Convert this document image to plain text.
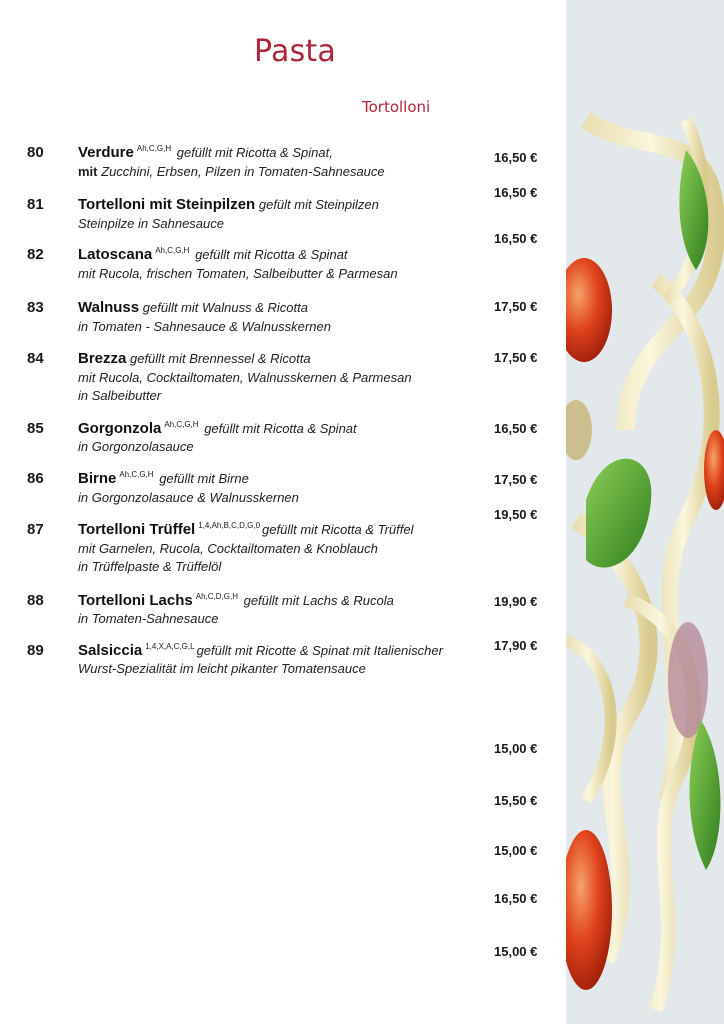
Pasta
Tortolloni
80 Verdure $^{Ah,C,G,H}$ gefüllt mit Ricotta & Spinat,
mit Zucchini, Erbsen, Pilzen in Tomaten-Sahnesauce
81 Tortelloni mit Steinpilzen gefült mit Steinpilzen
Steinpilze in Sahnesauce
82 Latoscana $^{Ah,C,G,H}$ gefüllt mit Ricotta & Spinat
mit Rucola, frischen Tomaten, Salbeibutter & Parmesan
83 Walnuss gefüllt mit Walnuss & Ricotta
in Tomaten - Sahnesauce & Walnusskernen
84 Brezza gefüllt mit Brennessel & Ricotta
mit Rucola, Cocktailtomaten, Walnusskernen & Parmesan
in Salbeibutter
85 Gorgonzola $^{Ah,C,G,H}$ gefüllt mit Ricotta & Spinat
in Gorgonzolasauce
86 Birne $^{Ah,C,G,H}$ gefüllt mit Birne
in Gorgonzolasauce & Walnusskernen
87 Tortelloni Trüffel $^{1,4,Ah,B,C,D,G,0}$ gefüllt mit Ricotta & Trüffel
mit Garnelen, Rucola, Cocktailtomaten & Knoblauch
in Trüffelpaste & Trüffelöl
88 Tortelloni Lachs $^{Ah,C,D,G,H}$ gefüllt mit Lachs & Rucola
in Tomaten-Sahnesauce
89 Salsiccia $^{1,4,X,A,C,G,L}$ gefüllt mit Ricotte & Spinat mit Italienischer
Wurst-Spezialität im leicht pikanter Tomatensauce
16,50 €
16,50 €
16,50 €
17,50 €
17,50 €
16,50 €
17,50 €
19,50 €
19,90 €
17,90 €
15,00 €
15,50 €
15,00 €
16,50 €
15,00 €
